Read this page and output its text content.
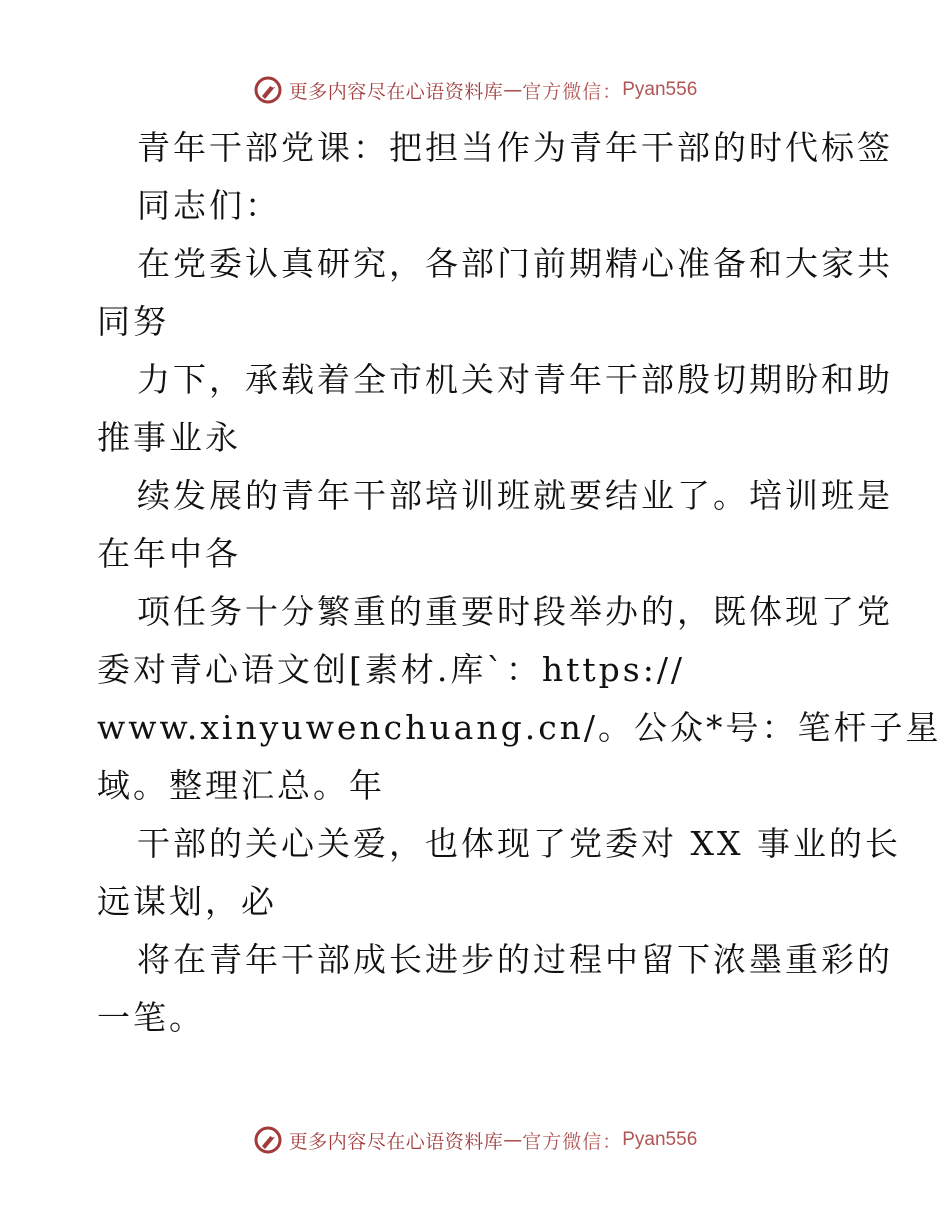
更多内容尽在心语资料库 — 官方微信： Pyan556
青年干部党课：把担当作为青年干部的时代标签
同志们：
在党委认真研究，各部门前期精心准备和大家共
同努
力下，承载着全市机关对青年干部殷切期盼和助
推事业永
续发展的青年干部培训班就要结业了。培训班是
在年中各
项任务十分繁重的重要时段举办的，既体现了党
委对青心语文创[素材.库`：https://
www.xinyuwenchuang.cn/。公众*号：笔杆子星
域。整理汇总。年
干部的关心关爱，也体现了党委对 XX 事业的长
远谋划，必
将在青年干部成长进步的过程中留下浓墨重彩的
一笔。
更多内容尽在心语资料库 — 官方微信： Pyan556
